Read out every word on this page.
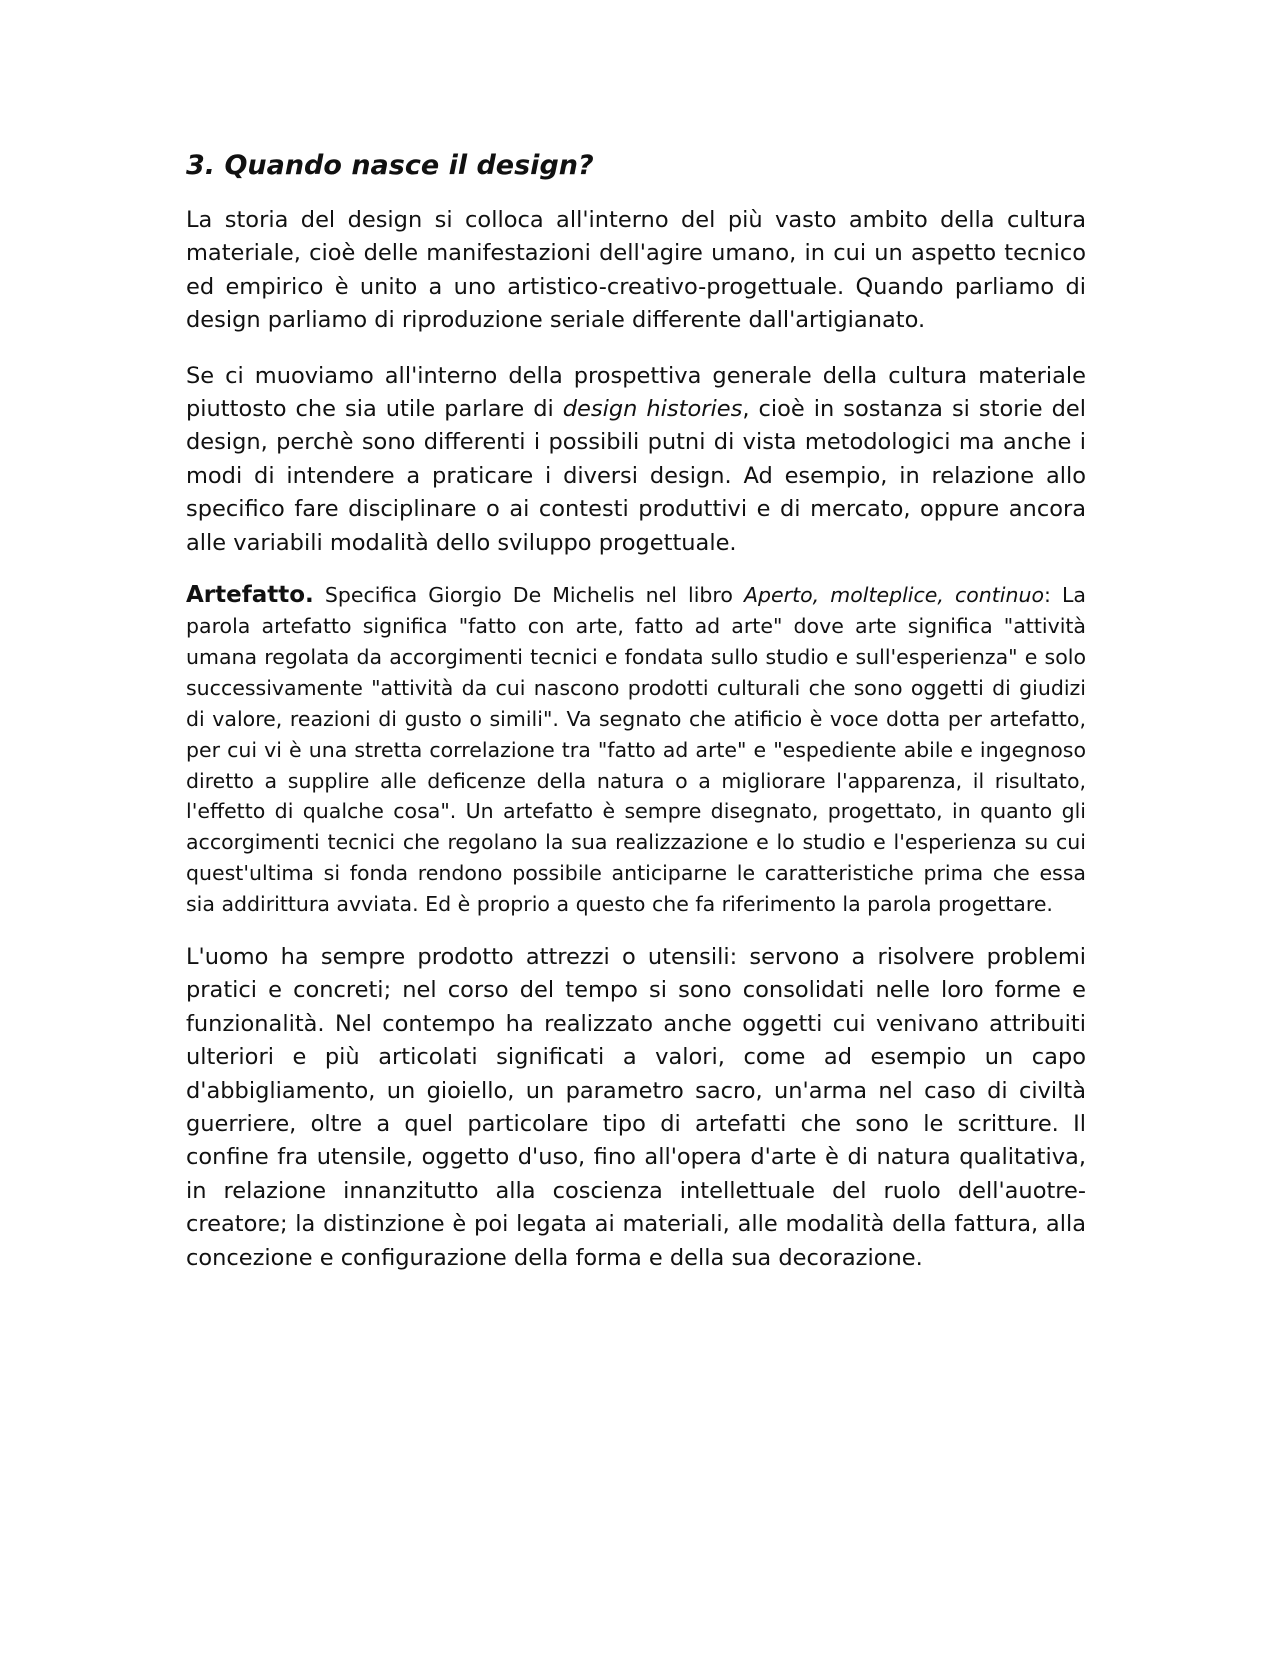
3. Quando nasce il design?

La storia del design si colloca all'interno del più vasto ambito della cultura materiale, cioè delle manifestazioni dell'agire umano, in cui un aspetto tecnico ed empirico è unito a uno artistico-creativo-progettuale. Quando parliamo di design parliamo di riproduzione seriale differente dall'artigianato.

Se ci muoviamo all'interno della prospettiva generale della cultura materiale piuttosto che sia utile parlare di design histories, cioè in sostanza si storie del design, perchè sono differenti i possibili putni di vista metodologici ma anche i modi di intendere a praticare i diversi design. Ad esempio, in relazione allo specifico fare disciplinare o ai contesti produttivi e di mercato, oppure ancora alle variabili modalità dello sviluppo progettuale.

Artefatto. Specifica Giorgio De Michelis nel libro Aperto, molteplice, continuo: La parola artefatto significa "fatto con arte, fatto ad arte" dove arte significa "attività umana regolata da accorgimenti tecnici e fondata sullo studio e sull'esperienza" e solo successivamente "attività da cui nascono prodotti culturali che sono oggetti di giudizi di valore, reazioni di gusto o simili". Va segnato che atificio è voce dotta per artefatto, per cui vi è una stretta correlazione tra "fatto ad arte" e "espediente abile e ingegnoso diretto a supplire alle deficenze della natura o a migliorare l'apparenza, il risultato, l'effetto di qualche cosa". Un artefatto è sempre disegnato, progettato, in quanto gli accorgimenti tecnici che regolano la sua realizzazione e lo studio e l'esperienza su cui quest'ultima si fonda rendono possibile anticiparne le caratteristiche prima che essa sia addirittura avviata. Ed è proprio a questo che fa riferimento la parola progettare.

L'uomo ha sempre prodotto attrezzi o utensili: servono a risolvere problemi pratici e concreti; nel corso del tempo si sono consolidati nelle loro forme e funzionalità. Nel contempo ha realizzato anche oggetti cui venivano attribuiti ulteriori e più articolati significati a valori, come ad esempio un capo d'abbigliamento, un gioiello, un parametro sacro, un'arma nel caso di civiltà guerriere, oltre a quel particolare tipo di artefatti che sono le scritture. Il confine fra utensile, oggetto d'uso, fino all'opera d'arte è di natura qualitativa, in relazione innanzitutto alla coscienza intellettuale del ruolo dell'auotre-creatore; la distinzione è poi legata ai materiali, alle modalità della fattura, alla concezione e configurazione della forma e della sua decorazione.
